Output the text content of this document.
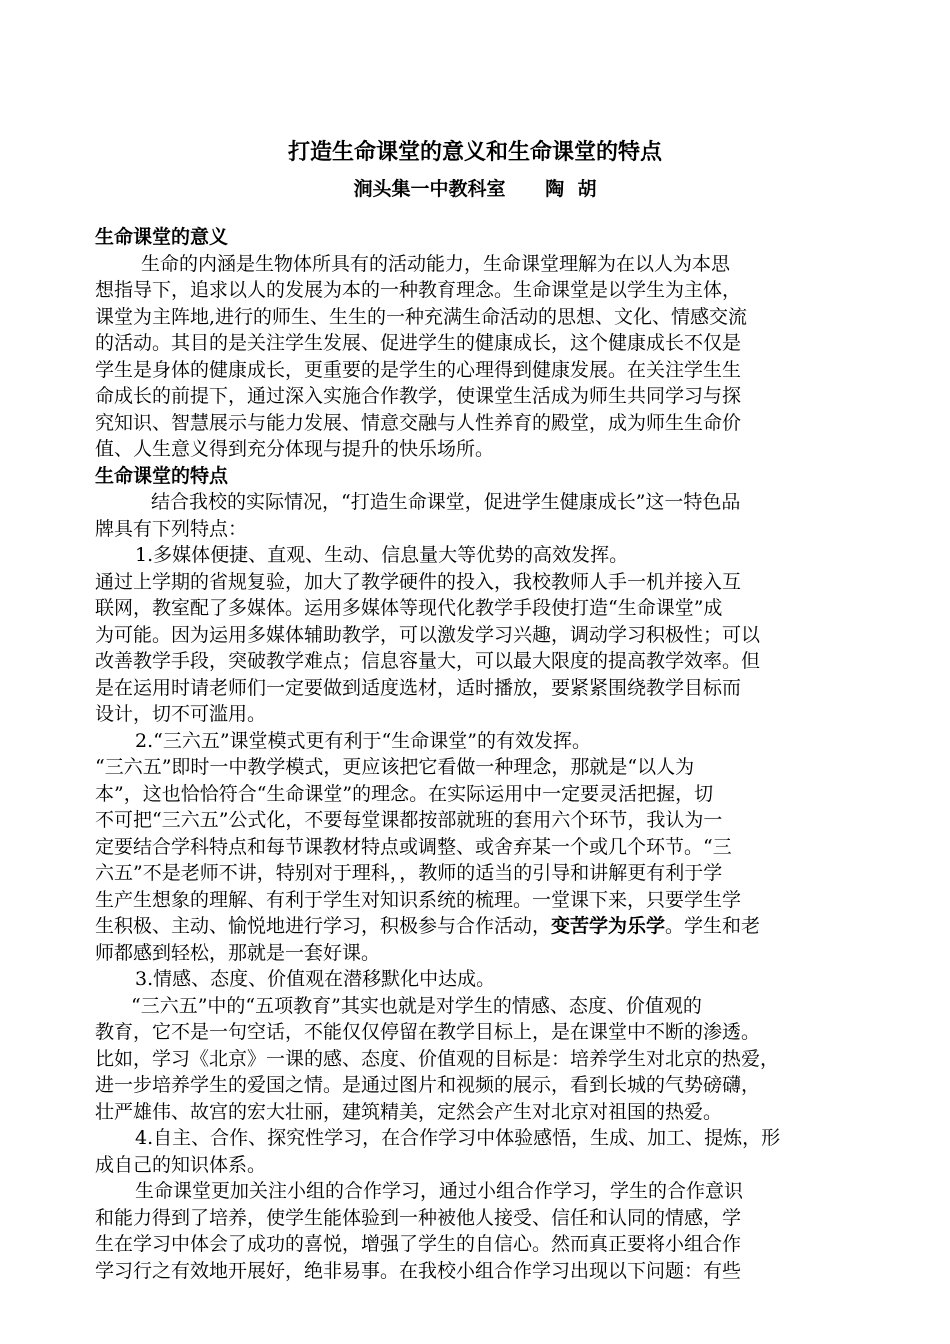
打造生命课堂的意义和生命课堂的特点
涧头集一中教科室      陶  胡
生命课堂的意义
生命的内涵是生物体所具有的活动能力，生命课堂理解为在以人为本思
想指导下，追求以人的发展为本的一种教育理念。生命课堂是以学生为主体，
课堂为主阵地,进行的师生、生生的一种充满生命活动的思想、文化、情感交流
的活动。其目的是关注学生发展、促进学生的健康成长，这个健康成长不仅是
学生是身体的健康成长，更重要的是学生的心理得到健康发展。在关注学生生
命成长的前提下，通过深入实施合作教学，使课堂生活成为师生共同学习与探
究知识、智慧展示与能力发展、情意交融与人性养育的殿堂，成为师生生命价
值、人生意义得到充分体现与提升的快乐场所。
生命课堂的特点
结合我校的实际情况，“打造生命课堂，促进学生健康成长”这一特色品
牌具有下列特点：
1.多媒体便捷、直观、生动、信息量大等优势的高效发挥。
通过上学期的省规复验，加大了教学硬件的投入，我校教师人手一机并接入互
联网，教室配了多媒体。运用多媒体等现代化教学手段使打造“生命课堂”成
为可能。因为运用多媒体辅助教学，可以激发学习兴趣，调动学习积极性；可以
改善教学手段，突破教学难点；信息容量大，可以最大限度的提高教学效率。但
是在运用时请老师们一定要做到适度选材，适时播放，要紧紧围绕教学目标而
设计，切不可滥用。
2.“三六五”课堂模式更有利于“生命课堂”的有效发挥。
“三六五”即时一中教学模式，更应该把它看做一种理念，那就是“以人为
本”，这也恰恰符合“生命课堂”的理念。在实际运用中一定要灵活把握，切
不可把“三六五”公式化，不要每堂课都按部就班的套用六个环节，我认为一
定要结合学科特点和每节课教材特点或调整、或舍弃某一个或几个环节。“三
六五”不是老师不讲，特别对于理科，，教师的适当的引导和讲解更有利于学
生产生想象的理解、有利于学生对知识系统的梳理。一堂课下来，只要学生学
生积极、主动、愉悦地进行学习，积极参与合作活动，变苦学为乐学。学生和老
师都感到轻松，那就是一套好课。
3.情感、态度、价值观在潜移默化中达成。
“三六五”中的“五项教育”其实也就是对学生的情感、态度、价值观的
教育，它不是一句空话，不能仅仅停留在教学目标上，是在课堂中不断的渗透。
比如，学习《北京》一课的感、态度、价值观的目标是：培养学生对北京的热爱，
进一步培养学生的爱国之情。是通过图片和视频的展示，看到长城的气势磅礴，
壮严雄伟、故宫的宏大壮丽，建筑精美，定然会产生对北京对祖国的热爱。
4.自主、合作、探究性学习，在合作学习中体验感悟，生成、加工、提炼，形
成自己的知识体系。
生命课堂更加关注小组的合作学习，通过小组合作学习，学生的合作意识
和能力得到了培养，使学生能体验到一种被他人接受、信任和认同的情感，学
生在学习中体会了成功的喜悦，增强了学生的自信心。然而真正要将小组合作
学习行之有效地开展好，绝非易事。在我校小组合作学习出现以下问题：有些
